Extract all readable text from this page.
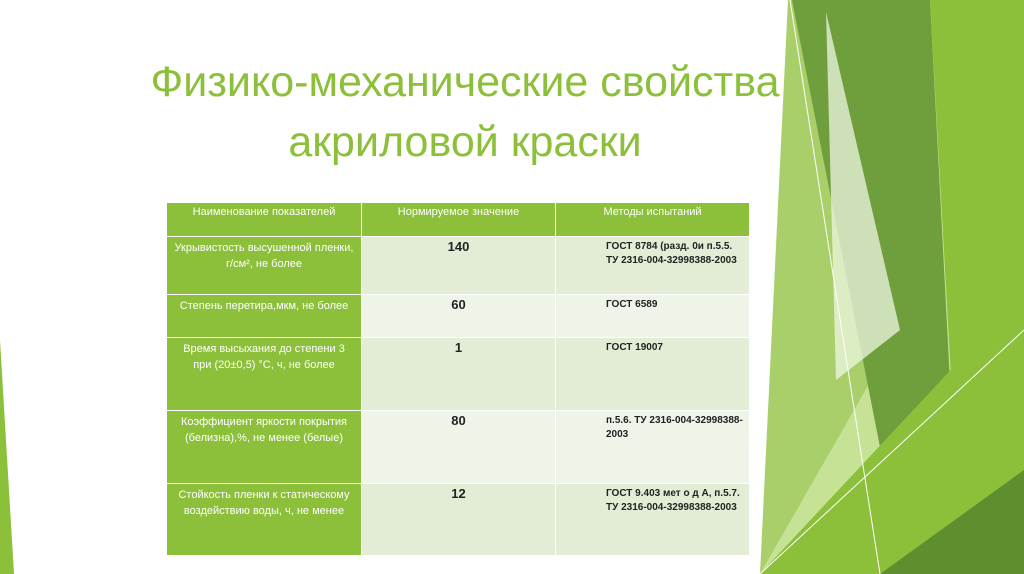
Физико-механические свойства
акриловой краски
Наименование показателей	Нормируемое значение	Методы испытаний

Укрывистость высушенной пленки, г/см², не более	140	ГОСТ 8784 (разд. 0и п.5.5. ТУ 2316-004-32998388-2003
Степень перетира,мкм, не более	60	ГОСТ 6589
Время высыхания до степени 3 при (20±0,5) °С, ч, не более	1	ГОСТ 19007
Коэффициент яркости покрытия (белизна),%, не менее (белые)	80	п.5.6. ТУ 2316-004-32998388-2003
Стойкость пленки к статическому воздействию воды, ч, не менее	12	ГОСТ 9.403 мет о д А, п.5.7. ТУ 2316-004-32998388-2003
